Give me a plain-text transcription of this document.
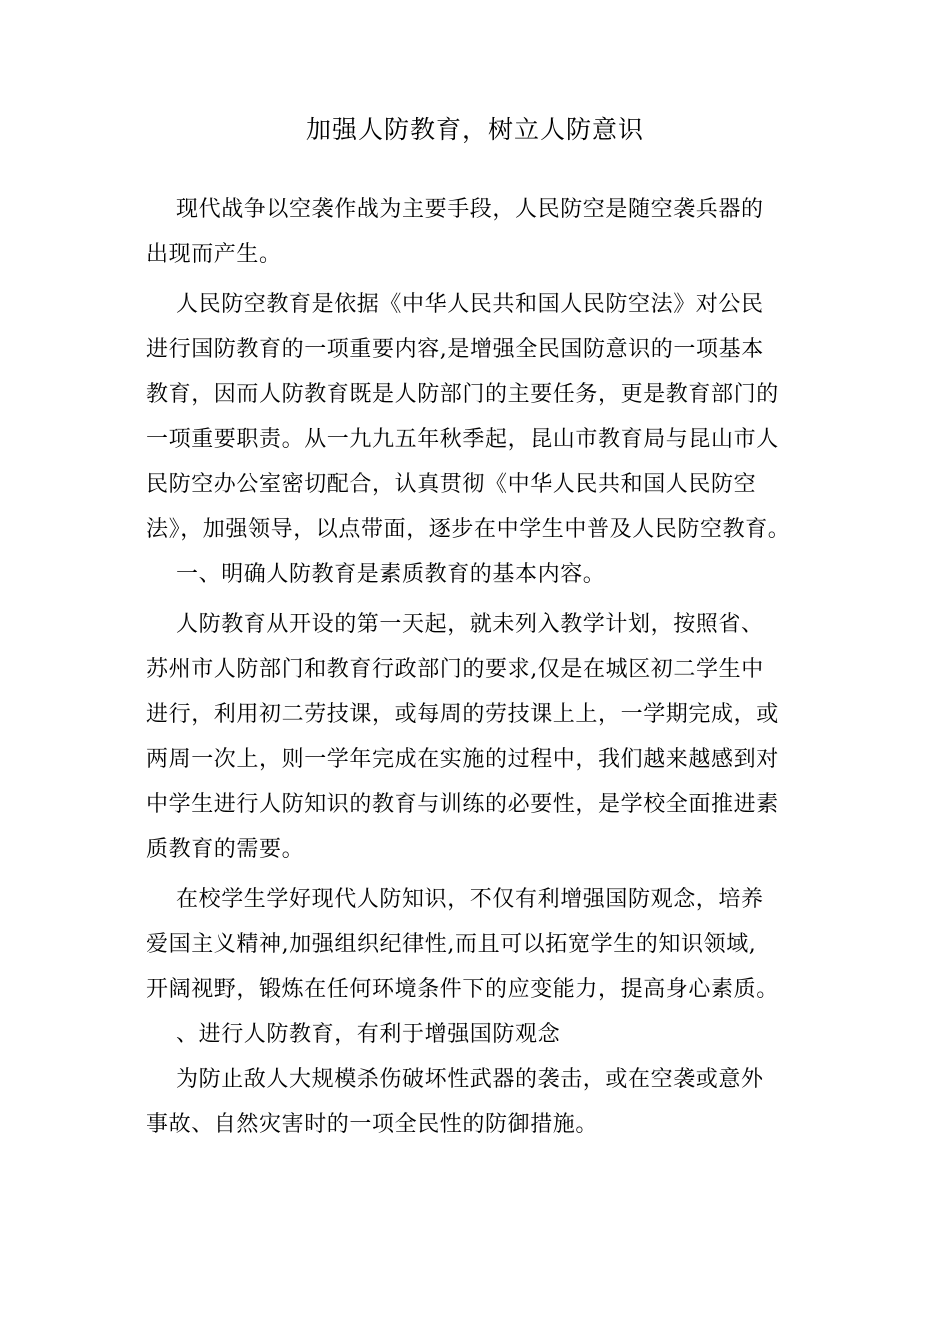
加强人防教育，树立人防意识

现代战争以空袭作战为主要手段，人民防空是随空袭兵器的
出现而产生。

人民防空教育是依据《中华人民共和国人民防空法》对公民
进行国防教育的一项重要内容,是增强全民国防意识的一项基本
教育，因而人防教育既是人防部门的主要任务，更是教育部门的
一项重要职责。从一九九五年秋季起，昆山市教育局与昆山市人
民防空办公室密切配合，认真贯彻《中华人民共和国人民防空
法》，加强领导，以点带面，逐步在中学生中普及人民防空教育。

一、明确人防教育是素质教育的基本内容。

人防教育从开设的第一天起，就未列入教学计划，按照省、
苏州市人防部门和教育行政部门的要求,仅是在城区初二学生中
进行，利用初二劳技课，或每周的劳技课上上，一学期完成，或
两周一次上，则一学年完成在实施的过程中，我们越来越感到对
中学生进行人防知识的教育与训练的必要性，是学校全面推进素
质教育的需要。

在校学生学好现代人防知识，不仅有利增强国防观念，培养
爱国主义精神,加强组织纪律性,而且可以拓宽学生的知识领域,
开阔视野，锻炼在任何环境条件下的应变能力，提高身心素质。

、进行人防教育，有利于增强国防观念

为防止敌人大规模杀伤破坏性武器的袭击，或在空袭或意外
事故、自然灾害时的一项全民性的防御措施。
